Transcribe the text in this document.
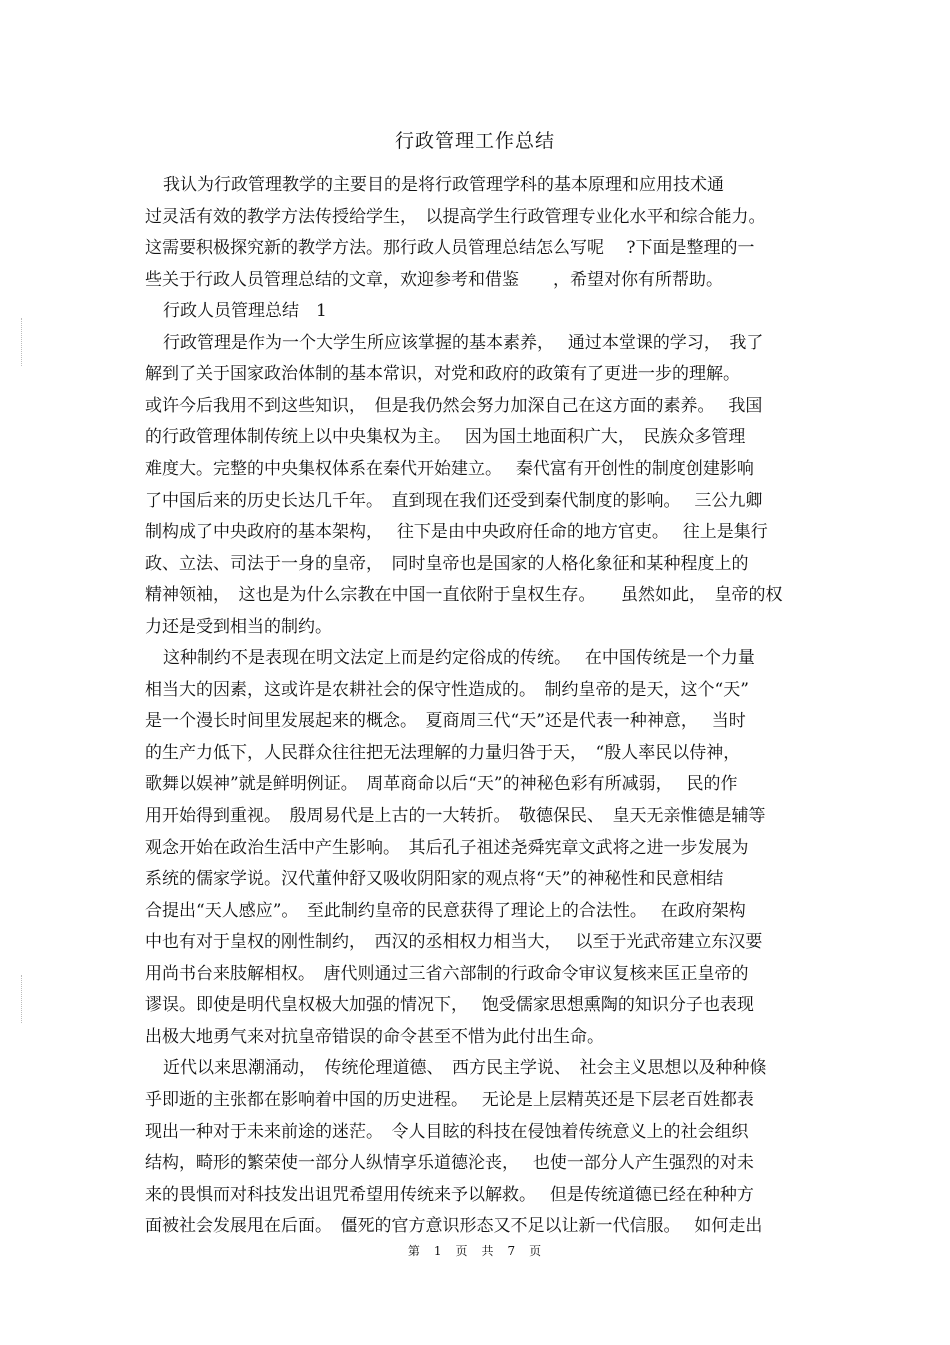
行政管理工作总结
我认为行政管理教学的主要目的是将行政管理学科的基本原理和应用技术通
过灵活有效的教学方法传授给学生，　以提高学生行政管理专业化水平和综合能力。
这需要积极探究新的教学方法。那行政人员管理总结怎么写呢　 ?下面是整理的一
些关于行政人员管理总结的文章，欢迎参考和借鉴　　，希望对你有所帮助。
行政人员管理总结　1
行政管理是作为一个大学生所应该掌握的基本素养，　 通过本堂课的学习，　我了
解到了关于国家政治体制的基本常识，对党和政府的政策有了更进一步的理解。
或许今后我用不到这些知识，　但是我仍然会努力加深自己在这方面的素养。　 我国
的行政管理体制传统上以中央集权为主。　 因为国土地面积广大，　民族众多管理
难度大。完整的中央集权体系在秦代开始建立。　 秦代富有开创性的制度创建影响
了中国后来的历史长达几千年。　直到现在我们还受到秦代制度的影响。　 三公九卿
制构成了中央政府的基本架构，　 往下是由中央政府任命的地方官吏。　 往上是集行
政、立法、司法于一身的皇帝，　同时皇帝也是国家的人格化象征和某种程度上的
精神领袖，　这也是为什么宗教在中国一直依附于皇权生存。　　虽然如此，　皇帝的权
力还是受到相当的制约。
这种制约不是表现在明文法定上而是约定俗成的传统。　 在中国传统是一个力量
相当大的因素，这或许是农耕社会的保守性造成的。　制约皇帝的是天，这个“天”
是一个漫长时间里发展起来的概念。　夏商周三代“天”还是代表一种神意，　 当时
的生产力低下，人民群众往往把无法理解的力量归咎于天，　“殷人率民以侍神，
歌舞以娱神”就是鲜明例证。　周革商命以后“天”的神秘色彩有所减弱，　 民的作
用开始得到重视。　殷周易代是上古的一大转折。　敬德保民、　皇天无亲惟德是辅等
观念开始在政治生活中产生影响。　其后孔子祖述尧舜宪章文武将之进一步发展为
系统的儒家学说。汉代董仲舒又吸收阴阳家的观点将“天”的神秘性和民意相结
合提出“天人感应”。　至此制约皇帝的民意获得了理论上的合法性。　 在政府架构
中也有对于皇权的刚性制约，　西汉的丞相权力相当大，　 以至于光武帝建立东汉要
用尚书台来肢解相权。　唐代则通过三省六部制的行政命令审议复核来匡正皇帝的
谬误。即使是明代皇权极大加强的情况下，　 饱受儒家思想熏陶的知识分子也表现
出极大地勇气来对抗皇帝错误的命令甚至不惜为此付出生命。
近代以来思潮涌动，　传统伦理道德、　西方民主学说、　社会主义思想以及种种倏
乎即逝的主张都在影响着中国的历史进程。　 无论是上层精英还是下层老百姓都表
现出一种对于未来前途的迷茫。　令人目眩的科技在侵蚀着传统意义上的社会组织
结构，畸形的繁荣使一部分人纵情享乐道德沦丧，　 也使一部分人产生强烈的对未
来的畏惧而对科技发出诅咒希望用传统来予以解救。　 但是传统道德已经在种种方
面被社会发展甩在后面。　僵死的官方意识形态又不足以让新一代信服。　 如何走出
第　1　页　共　7　页
